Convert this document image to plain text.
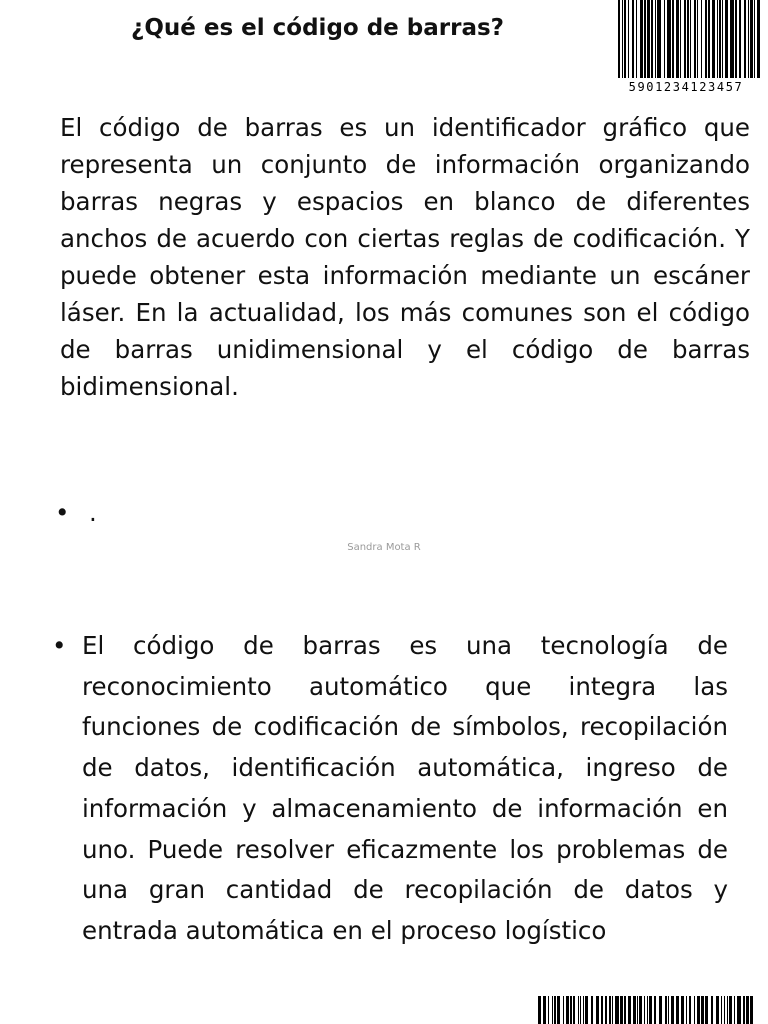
¿Qué es el código de barras?
5901234123457

El código de barras es un identificador gráfico que representa un conjunto de información organizando barras negras y espacios en blanco de diferentes anchos de acuerdo con ciertas reglas de codificación. Y puede obtener esta información mediante un escáner láser. En la actualidad, los más comunes son el código de barras unidimensional y el código de barras bidimensional.

• .
Sandra Mota R
• El código de barras es una tecnología de reconocimiento automático que integra las funciones de codificación de símbolos, recopilación de datos, identificación automática, ingreso de información y almacenamiento de información en uno. Puede resolver eficazmente los problemas de una gran cantidad de recopilación de datos y entrada automática en el proceso logístico
